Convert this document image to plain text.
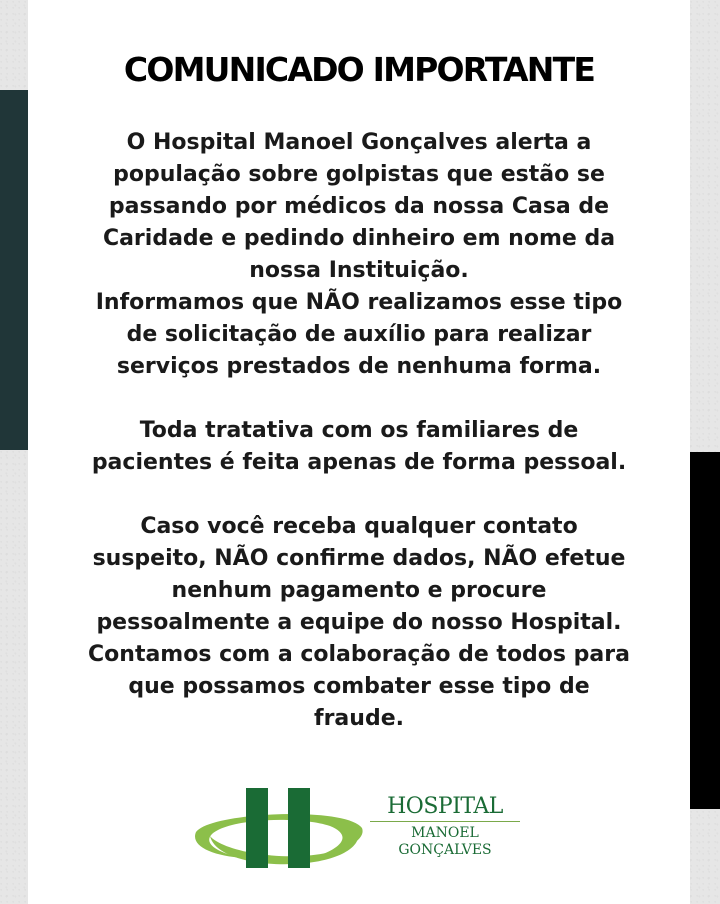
COMUNICADO IMPORTANTE
O Hospital Manoel Gonçalves alerta a
população sobre golpistas que estão se
passando por médicos da nossa Casa de
Caridade e pedindo dinheiro em nome da
nossa Instituição.
Informamos que NÃO realizamos esse tipo
de solicitação de auxílio para realizar
serviços prestados de nenhuma forma.
Toda tratativa com os familiares de
pacientes é feita apenas de forma pessoal.
Caso você receba qualquer contato
suspeito, NÃO confirme dados, NÃO efetue
nenhum pagamento e procure
pessoalmente a equipe do nosso Hospital.
Contamos com a colaboração de todos para
que possamos combater esse tipo de
fraude.
HOSPITAL
MANOEL
GONÇALVES
